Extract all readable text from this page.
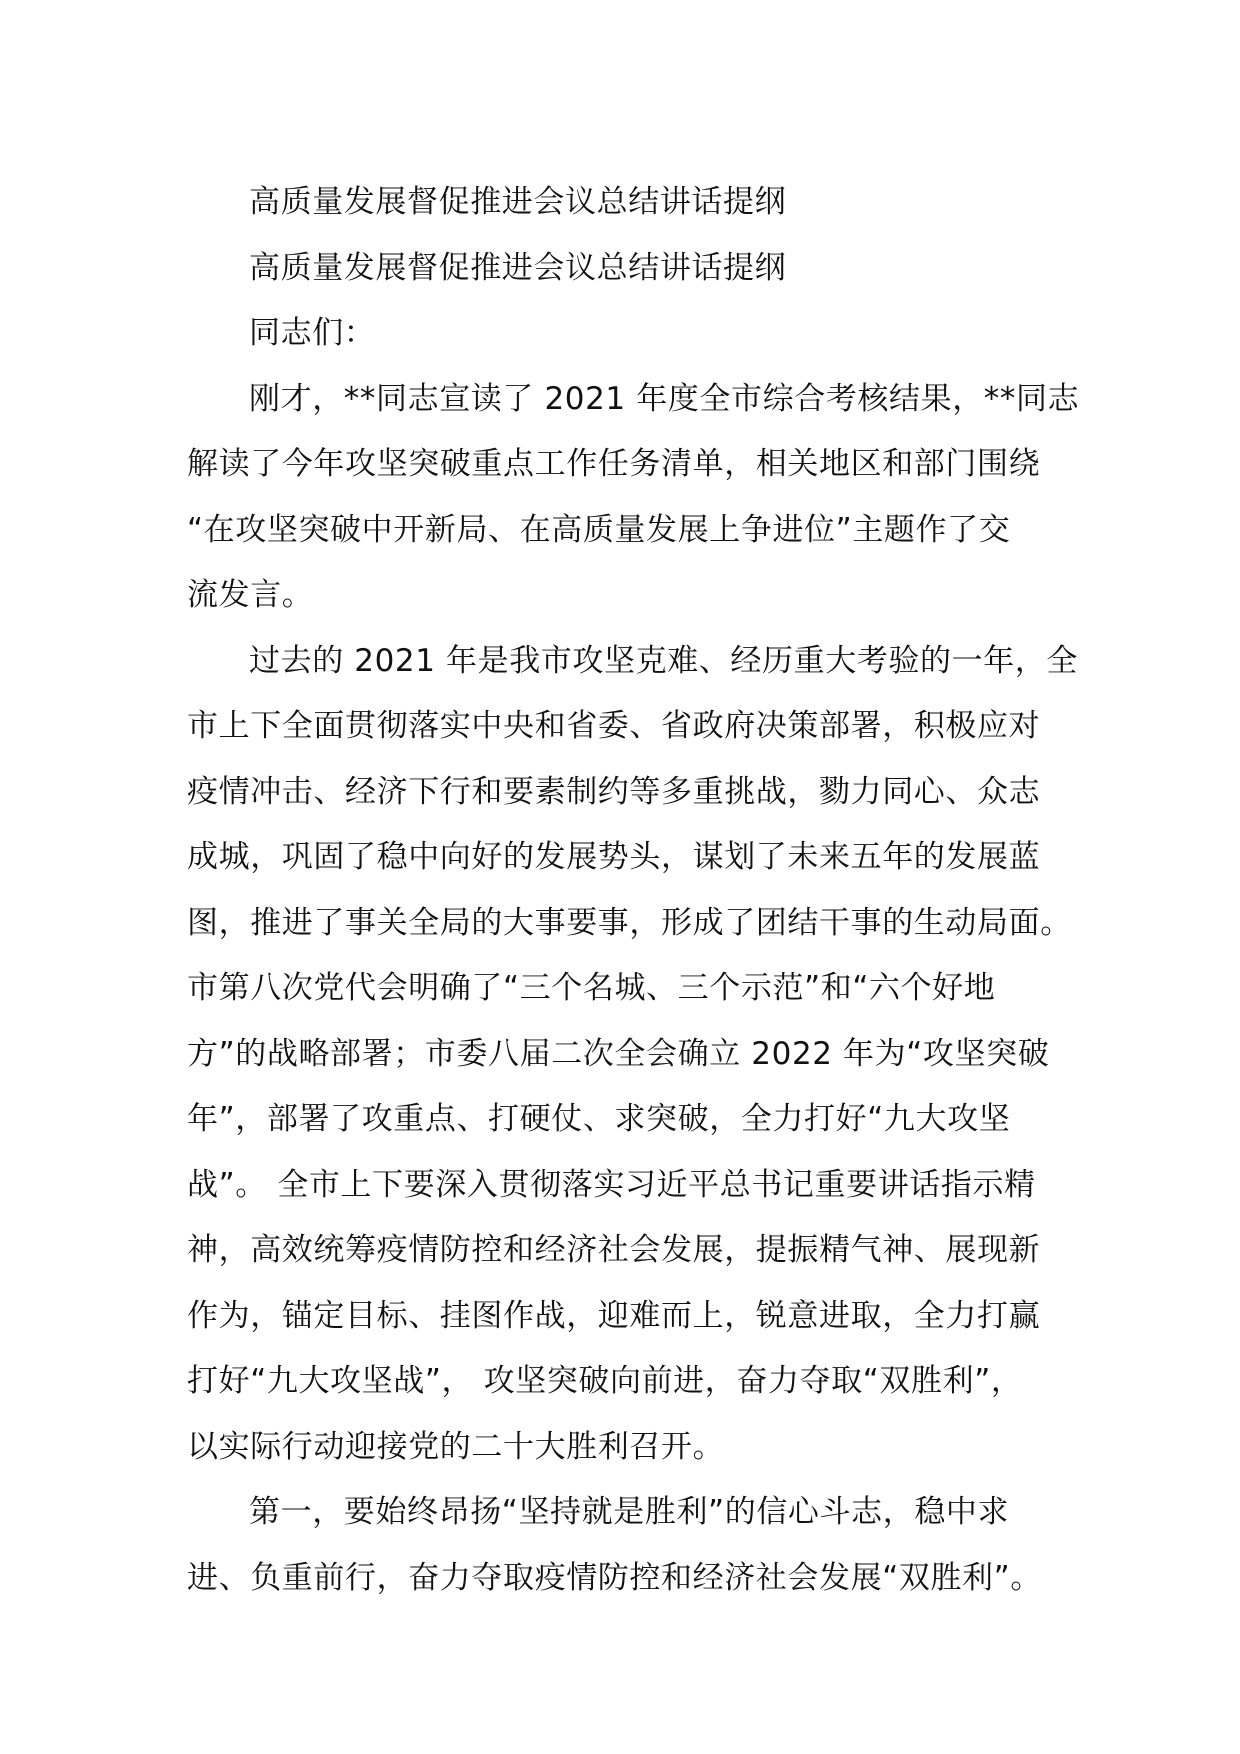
高质量发展督促推进会议总结讲话提纲

高质量发展督促推进会议总结讲话提纲

同志们：

刚才，**同志宣读了 2021 年度全市综合考核结果，**同志

解读了今年攻坚突破重点工作任务清单，相关地区和部门围绕

“在攻坚突破中开新局、在高质量发展上争进位”主题作了交

流发言。

过去的 2021 年是我市攻坚克难、经历重大考验的一年，全

市上下全面贯彻落实中央和省委、省政府决策部署，积极应对

疫情冲击、经济下行和要素制约等多重挑战，勠力同心、众志

成城，巩固了稳中向好的发展势头，谋划了未来五年的发展蓝

图，推进了事关全局的大事要事，形成了团结干事的生动局面。

市第八次党代会明确了“三个名城、三个示范”和“六个好地

方”的战略部署；市委八届二次全会确立 2022 年为“攻坚突破

年”，部署了攻重点、打硬仗、求突破，全力打好“九大攻坚

战”。 全市上下要深入贯彻落实习近平总书记重要讲话指示精

神，高效统筹疫情防控和经济社会发展，提振精气神、展现新

作为，锚定目标、挂图作战，迎难而上，锐意进取，全力打赢

打好“九大攻坚战”， 攻坚突破向前进，奋力夺取“双胜利”，

以实际行动迎接党的二十大胜利召开。

第一，要始终昂扬“坚持就是胜利”的信心斗志，稳中求

进、负重前行，奋力夺取疫情防控和经济社会发展“双胜利”。
